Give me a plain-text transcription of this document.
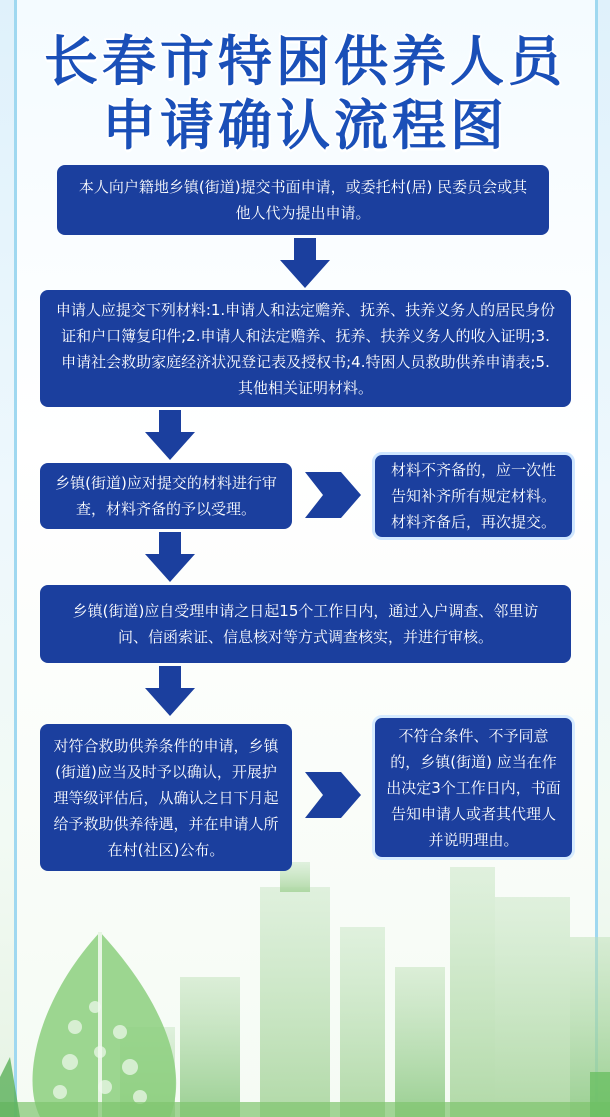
长春市特困供养人员
申请确认流程图
本人向户籍地乡镇(街道)提交书面申请，或委托村(居) 民委员会或其他人代为提出申请。
申请人应提交下列材料:1.申请人和法定赡养、抚养、扶养义务人的居民身份证和户口簿复印件;2.申请人和法定赡养、抚养、扶养义务人的收入证明;3.申请社会救助家庭经济状况登记表及授权书;4.特困人员救助供养申请表;5.其他相关证明材料。
乡镇(街道)应对提交的材料进行审查，材料齐备的予以受理。
材料不齐备的，应一次性告知补齐所有规定材料。材料齐备后，再次提交。
乡镇(街道)应自受理申请之日起15个工作日内，通过入户调查、邻里访问、信函索证、信息核对等方式调查核实，并进行审核。
对符合救助供养条件的申请，乡镇(街道)应当及时予以确认，开展护理等级评估后，从确认之日下月起给予救助供养待遇，并在申请人所在村(社区)公布。
不符合条件、不予同意的，乡镇(街道) 应当在作出决定3个工作日内，书面告知申请人或者其代理人并说明理由。
